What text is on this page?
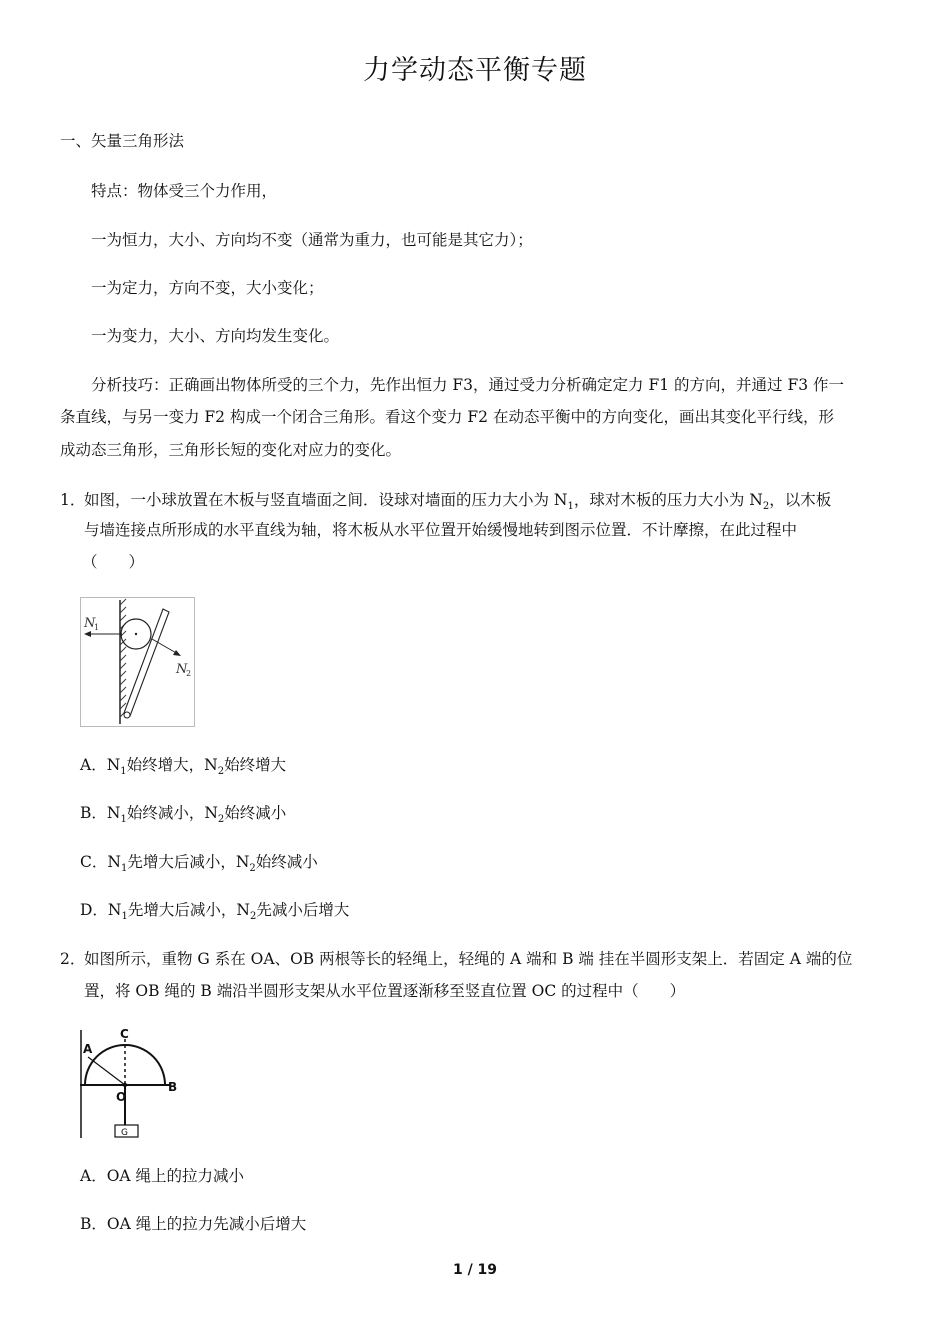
力学动态平衡专题
一、矢量三角形法
特点：物体受三个力作用，
一为恒力，大小、方向均不变（通常为重力，也可能是其它力）；
一为定力，方向不变，大小变化；
一为变力，大小、方向均发生变化。
分析技巧：正确画出物体所受的三个力，先作出恒力 F3，通过受力分析确定定力 F1 的方向，并通过 F3 作一
条直线，与另一变力 F2 构成一个闭合三角形。看这个变力 F2 在动态平衡中的方向变化，画出其变化平行线，形
成动态三角形，三角形长短的变化对应力的变化。
1．
如图，一小球放置在木板与竖直墙面之间．设球对墙面的压力大小为 $N_1$，球对木板的压力大小为 $N_2$，以木板
与墙连接点所形成的水平直线为轴，将木板从水平位置开始缓慢地转到图示位置．不计摩擦，在此过程中
（　　）
N
1
N
2
A．$N_1$始终增大，$N_2$始终增大
B．$N_1$始终减小，$N_2$始终减小
C．$N_1$先增大后减小，$N_2$始终减小
D．$N_1$先增大后减小，$N_2$先减小后增大
2．
如图所示，重物 G 系在 OA、OB 两根等长的轻绳上，轻绳的 A 端和 B 端 挂在半圆形支架上．若固定 A 端的位
置，将 OB 绳的 B 端沿半圆形支架从水平位置逐渐移至竖直位置 OC 的过程中（　　）
A
C
B
O
G
A．OA 绳上的拉力减小
B．OA 绳上的拉力先减小后增大
1 / 19
